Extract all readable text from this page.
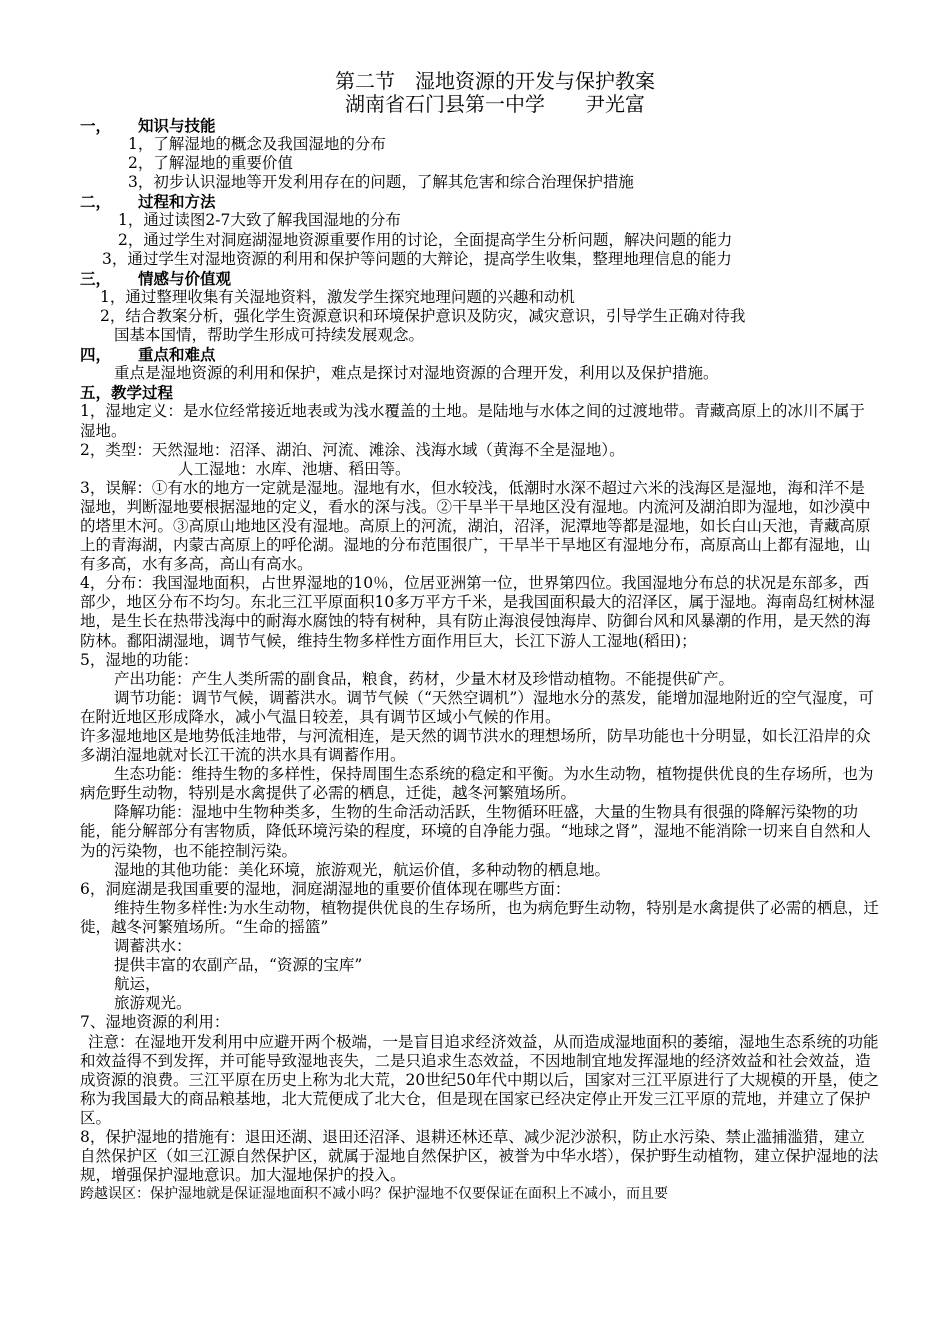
第二节　湿地资源的开发与保护教案
湖南省石门县第一中学　　尹光富
一， 知识与技能
1，了解湿地的概念及我国湿地的分布
2，了解湿地的重要价值
3，初步认识湿地等开发利用存在的问题，了解其危害和综合治理保护措施
二， 过程和方法
1，通过读图2-7大致了解我国湿地的分布
2，通过学生对洞庭湖湿地资源重要作用的讨论，全面提高学生分析问题，解决问题的能力
3，通过学生对湿地资源的利用和保护等问题的大辩论，提高学生收集，整理地理信息的能力
三， 情感与价值观
1，通过整理收集有关湿地资料，激发学生探究地理问题的兴趣和动机
2，结合教案分析，强化学生资源意识和环境保护意识及防灾，减灾意识，引导学生正确对待我
国基本国情，帮助学生形成可持续发展观念。
四， 重点和难点
重点是湿地资源的利用和保护，难点是探讨对湿地资源的合理开发，利用以及保护措施。
五，教学过程
1，湿地定义：是水位经常接近地表或为浅水覆盖的土地。是陆地与水体之间的过渡地带。青藏高原上的冰川不属于湿地。
2，类型：天然湿地：沼泽、湖泊、河流、滩涂、浅海水域（黄海不全是湿地）。
人工湿地：水库、池塘、稻田等。
3，误解：①有水的地方一定就是湿地。湿地有水，但水较浅，低潮时水深不超过六米的浅海区是湿地，海和洋不是湿地，判断湿地要根据湿地的定义，看水的深与浅。②干旱半干旱地区没有湿地。内流河及湖泊即为湿地，如沙漠中的塔里木河。③高原山地地区没有湿地。高原上的河流，湖泊，沼泽，泥潭地等都是湿地，如长白山天池，青藏高原上的青海湖，内蒙古高原上的呼伦湖。湿地的分布范围很广，干旱半干旱地区有湿地分布，高原高山上都有湿地，山有多高，水有多高，高山有高水。
4，分布：我国湿地面积，占世界湿地的10％，位居亚洲第一位，世界第四位。我国湿地分布总的状况是东部多，西部少，地区分布不均匀。东北三江平原面积10多万平方千米，是我国面积最大的沼泽区，属于湿地。海南岛红树林湿地，是生长在热带浅海中的耐海水腐蚀的特有树种，具有防止海浪侵蚀海岸、防御台风和风暴潮的作用，是天然的海防林。鄱阳湖湿地，调节气候，维持生物多样性方面作用巨大，长江下游人工湿地(稻田)；
5，湿地的功能：
产出功能：产生人类所需的副食品，粮食，药材，少量木材及珍惜动植物。不能提供矿产。
调节功能：调节气候，调蓄洪水。调节气候（“天然空调机”）湿地水分的蒸发，能增加湿地附近的空气湿度，可在附近地区形成降水，减小气温日较差，具有调节区域小气候的作用。
许多湿地地区是地势低洼地带，与河流相连，是天然的调节洪水的理想场所，防旱功能也十分明显，如长江沿岸的众多湖泊湿地就对长江干流的洪水具有调蓄作用。
生态功能：维持生物的多样性，保持周围生态系统的稳定和平衡。为水生动物，植物提供优良的生存场所，也为病危野生动物，特别是水禽提供了必需的栖息，迁徙，越冬河繁殖场所。
降解功能：湿地中生物种类多，生物的生命活动活跃，生物循环旺盛，大量的生物具有很强的降解污染物的功能，能分解部分有害物质，降低环境污染的程度，环境的自净能力强。“地球之肾”，湿地不能消除一切来自自然和人为的污染物，也不能控制污染。
湿地的其他功能：美化环境，旅游观光，航运价值，多种动物的栖息地。
6，洞庭湖是我国重要的湿地，洞庭湖湿地的重要价值体现在哪些方面：
维持生物多样性:为水生动物，植物提供优良的生存场所，也为病危野生动物，特别是水禽提供了必需的栖息，迁徙，越冬河繁殖场所。“生命的摇篮”
调蓄洪水：
提供丰富的农副产品，“资源的宝库”
航运，
旅游观光。
7、湿地资源的利用：
注意：在湿地开发利用中应避开两个极端，一是盲目追求经济效益，从而造成湿地面积的萎缩，湿地生态系统的功能和效益得不到发挥，并可能导致湿地丧失，二是只追求生态效益，不因地制宜地发挥湿地的经济效益和社会效益，造成资源的浪费。三江平原在历史上称为北大荒，20世纪50年代中期以后，国家对三江平原进行了大规模的开垦，使之称为我国最大的商品粮基地，北大荒便成了北大仓，但是现在国家已经决定停止开发三江平原的荒地，并建立了保护区。
8，保护湿地的措施有：退田还湖、退田还沼泽、退耕还林还草、减少泥沙淤积，防止水污染、禁止滥捕滥猎，建立自然保护区（如三江源自然保护区，就属于湿地自然保护区，被誉为中华水塔），保护野生动植物，建立保护湿地的法规，增强保护湿地意识。加大湿地保护的投入。
跨越误区：保护湿地就是保证湿地面积不减小吗？保护湿地不仅要保证在面积上不减小，而且要
